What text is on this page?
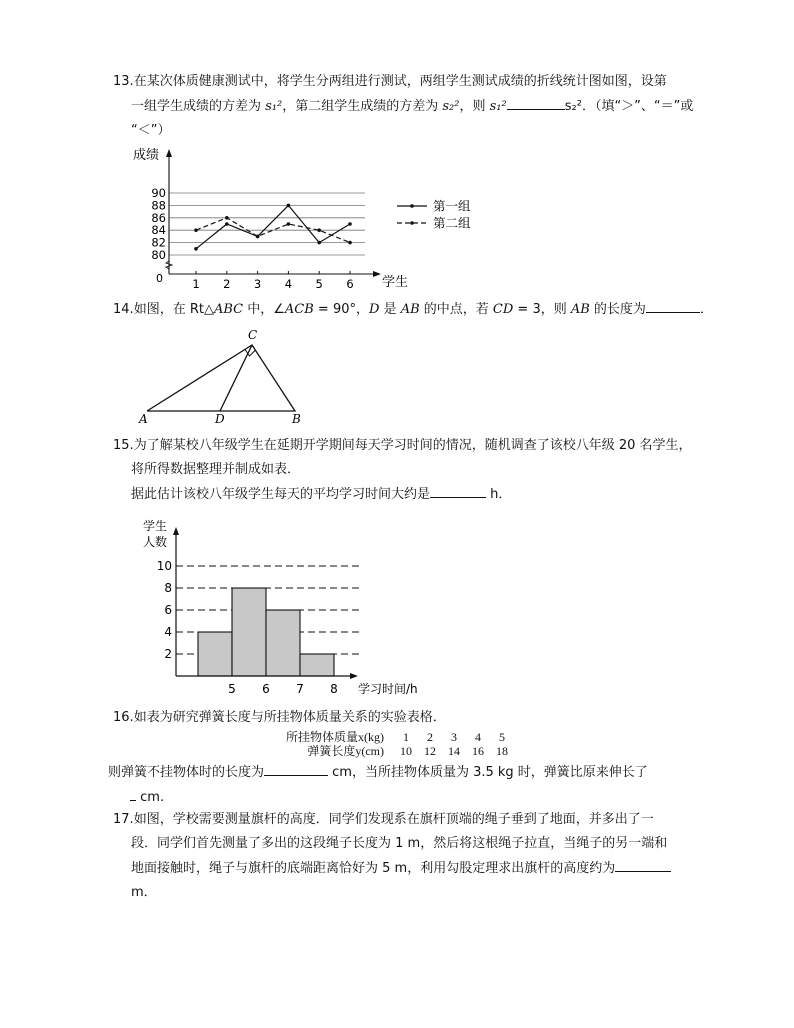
13.在某次体质健康测试中，将学生分两组进行测试，两组学生测试成绩的折线统计图如图，设第

一组学生成绩的方差为 s₁²，第二组学生成绩的方差为 s₂²，则 s₁²	s₂²．（填“＞”、“＝”或

“＜”）

成绩
0	学生
80
82
84
86
88
90
1 2 3 4 5 6
第一组
第二组

14.如图，在 Rt△ABC 中，∠ACB = 90°，D 是 AB 的中点，若 CD = 3，则 AB 的长度为	．

C
A	D	B

15.为了解某校八年级学生在延期开学期间每天学习时间的情况，随机调查了该校八年级 20 名学生，

将所得数据整理并制成如表．

据此估计该校八年级学生每天的平均学习时间大约是	h．

学生
人数
学习时间/h
2
4
6
8
10
5 6 7 8

16.如表为研究弹簧长度与所挂物体质量关系的实验表格．

所挂物体质量x(kg)	1	2	3	4	5
弹簧长度y(cm)	10	12	14	16	18

则弹簧不挂物体时的长度为	cm，当所挂物体质量为 3.5 kg 时，弹簧比原来伸长了

cm.

17.如图，学校需要测量旗杆的高度．同学们发现系在旗杆顶端的绳子垂到了地面，并多出了一

段．同学们首先测量了多出的这段绳子长度为 1 m，然后将这根绳子拉直，当绳子的另一端和

地面接触时，绳子与旗杆的底端距离恰好为 5 m，利用勾股定理求出旗杆的高度约为

m．
